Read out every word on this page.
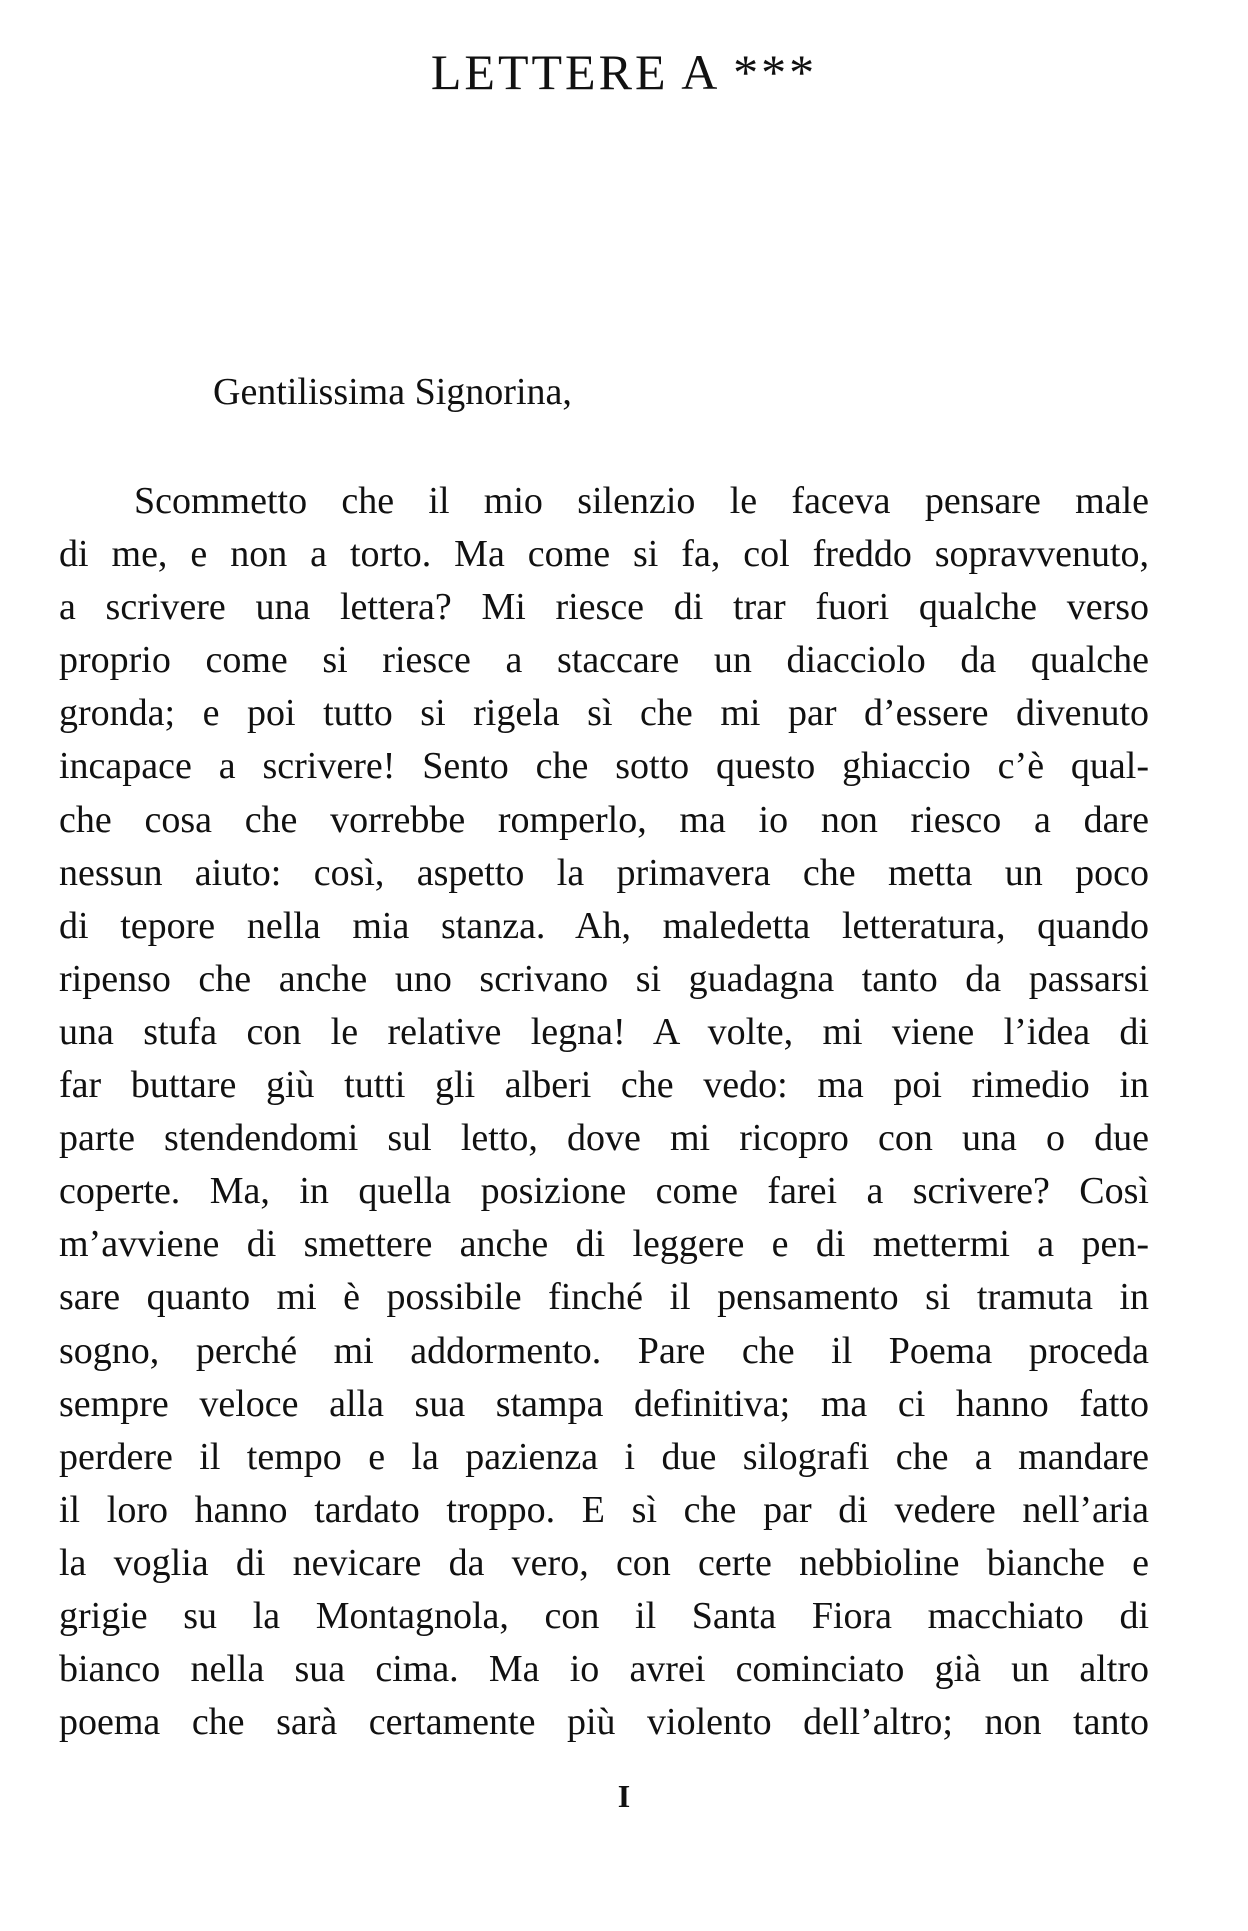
LETTERE A ***
Gentilissima Signorina,
Scommetto che il mio silenzio le faceva pensare male
di me, e non a torto. Ma come si fa, col freddo sopravvenuto,
a scrivere una lettera? Mi riesce di trar fuori qualche verso
proprio come si riesce a staccare un diacciolo da qualche
gronda; e poi tutto si rigela sì che mi par d’essere divenuto
incapace a scrivere! Sento che sotto questo ghiaccio c’è qual-
che cosa che vorrebbe romperlo, ma io non riesco a dare
nessun aiuto: così, aspetto la primavera che metta un poco
di tepore nella mia stanza. Ah, maledetta letteratura, quando
ripenso che anche uno scrivano si guadagna tanto da passarsi
una stufa con le relative legna! A volte, mi viene l’idea di
far buttare giù tutti gli alberi che vedo: ma poi rimedio in
parte stendendomi sul letto, dove mi ricopro con una o due
coperte. Ma, in quella posizione come farei a scrivere? Così
m’avviene di smettere anche di leggere e di mettermi a pen-
sare quanto mi è possibile finché il pensamento si tramuta in
sogno, perché mi addormento. Pare che il Poema proceda
sempre veloce alla sua stampa definitiva; ma ci hanno fatto
perdere il tempo e la pazienza i due silografi che a mandare
il loro hanno tardato troppo. E sì che par di vedere nell’aria
la voglia di nevicare da vero, con certe nebbioline bianche e
grigie su la Montagnola, con il Santa Fiora macchiato di
bianco nella sua cima. Ma io avrei cominciato già un altro
poema che sarà certamente più violento dell’altro; non tanto
I
